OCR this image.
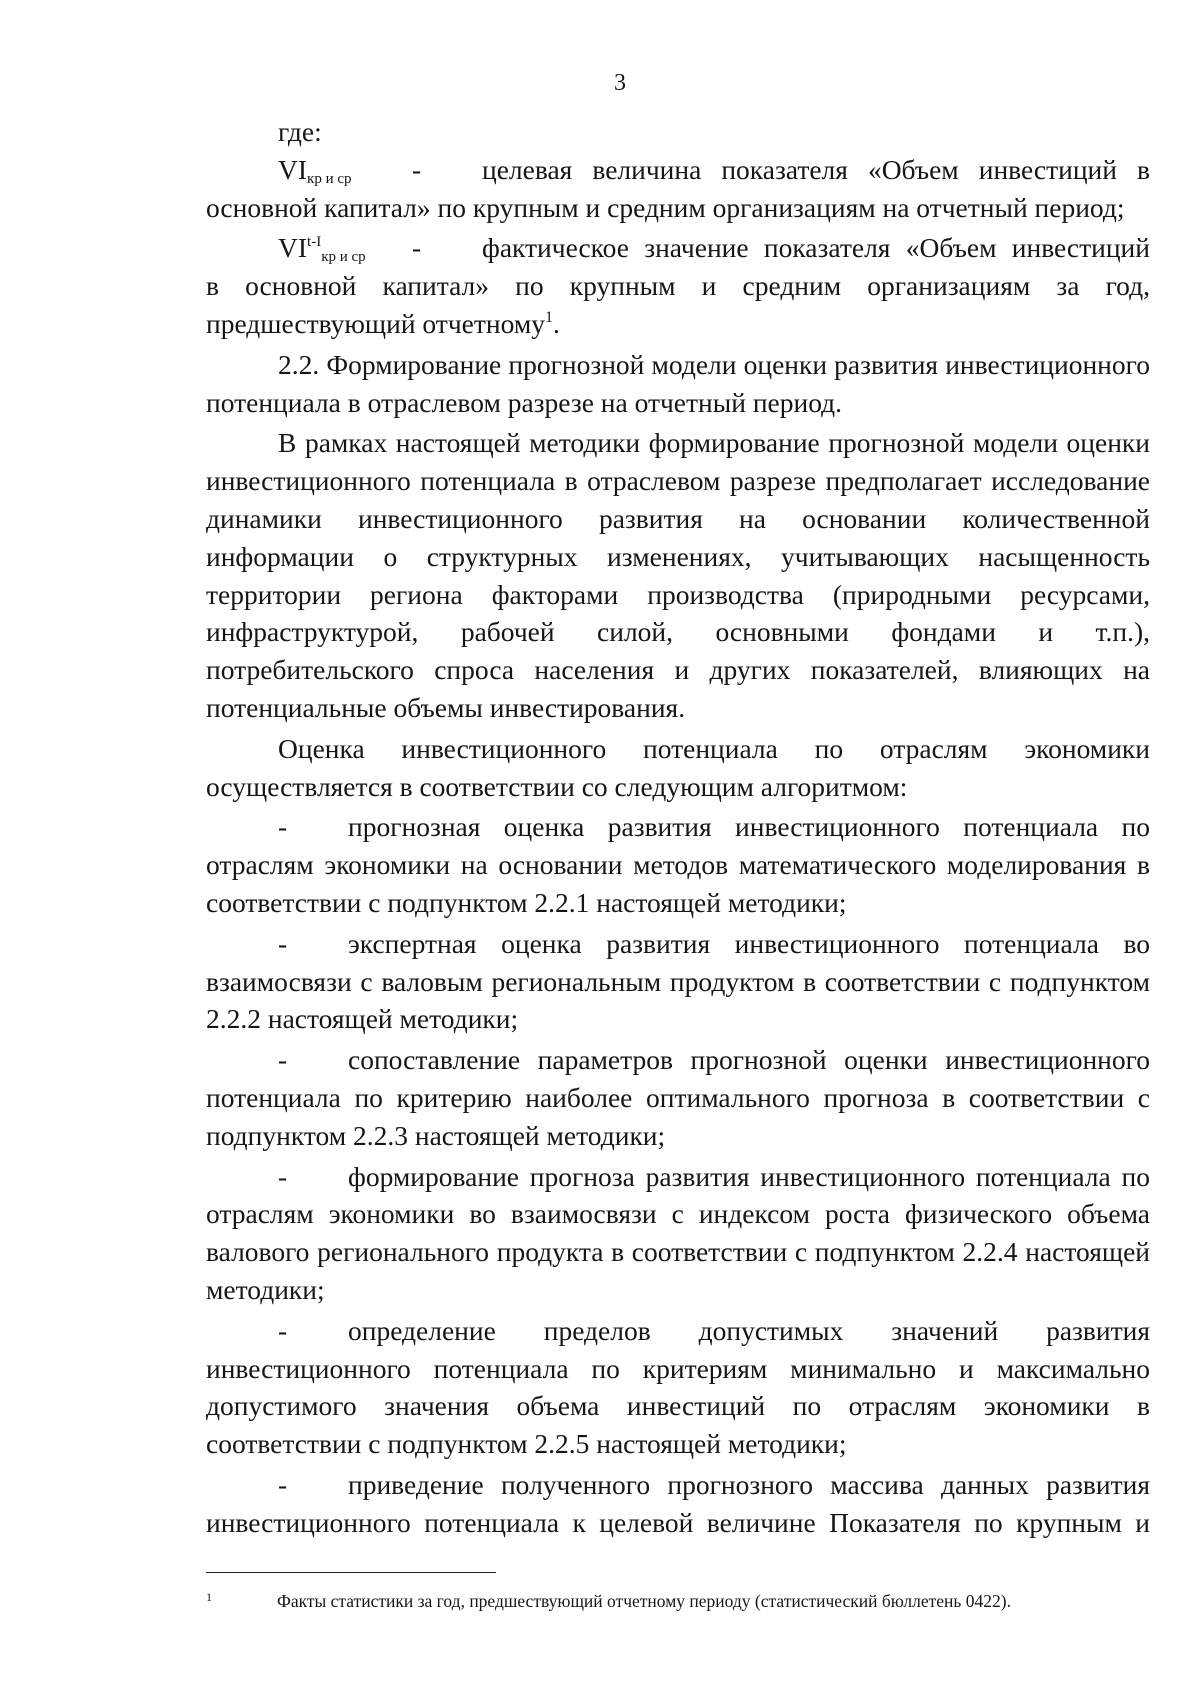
3

где:

$VI_{кр и ср}$	-	целевая величина показателя «Объем инвестиций в

основной капитал» по крупным и средним организациям на отчетный период;

$VI^{t-I}_{кр и ср}$	-	фактическое значение показателя «Объем инвестиций

в основной капитал» по крупным и средним организациям за год, предшествующий отчетному$^1$.

2.2. Формирование прогнозной модели оценки развития инвестиционного потенциала в отраслевом разрезе на отчетный период.

В рамках настоящей методики формирование прогнозной модели оценки инвестиционного потенциала в отраслевом разрезе предполагает исследование динамики инвестиционного развития на основании количественной информации о структурных изменениях, учитывающих насыщенность территории региона факторами производства (природными ресурсами, инфраструктурой, рабочей силой, основными фондами и т.п.), потребительского спроса населения и других показателей, влияющих на потенциальные объемы инвестирования.

Оценка инвестиционного потенциала по отраслям экономики осуществляется в соответствии со следующим алгоритмом:

- прогнозная оценка развития инвестиционного потенциала по отраслям экономики на основании методов математического моделирования в соответствии с подпунктом 2.2.1 настоящей методики;

- экспертная оценка развития инвестиционного потенциала во взаимосвязи с валовым региональным продуктом в соответствии с подпунктом 2.2.2 настоящей методики;

- сопоставление параметров прогнозной оценки инвестиционного потенциала по критерию наиболее оптимального прогноза в соответствии с подпунктом 2.2.3 настоящей методики;

- формирование прогноза развития инвестиционного потенциала по отраслям экономики во взаимосвязи с индексом роста физического объема валового регионального продукта в соответствии с подпунктом 2.2.4 настоящей методики;

- определение пределов допустимых значений развития инвестиционного потенциала по критериям минимально и максимально допустимого значения объема инвестиций по отраслям экономики в соответствии с подпунктом 2.2.5 настоящей методики;

- приведение полученного прогнозного массива данных развития инвестиционного потенциала к целевой величине Показателя по крупным и

1	Факты статистики за год, предшествующий отчетному периоду (статистический бюллетень 0422).
